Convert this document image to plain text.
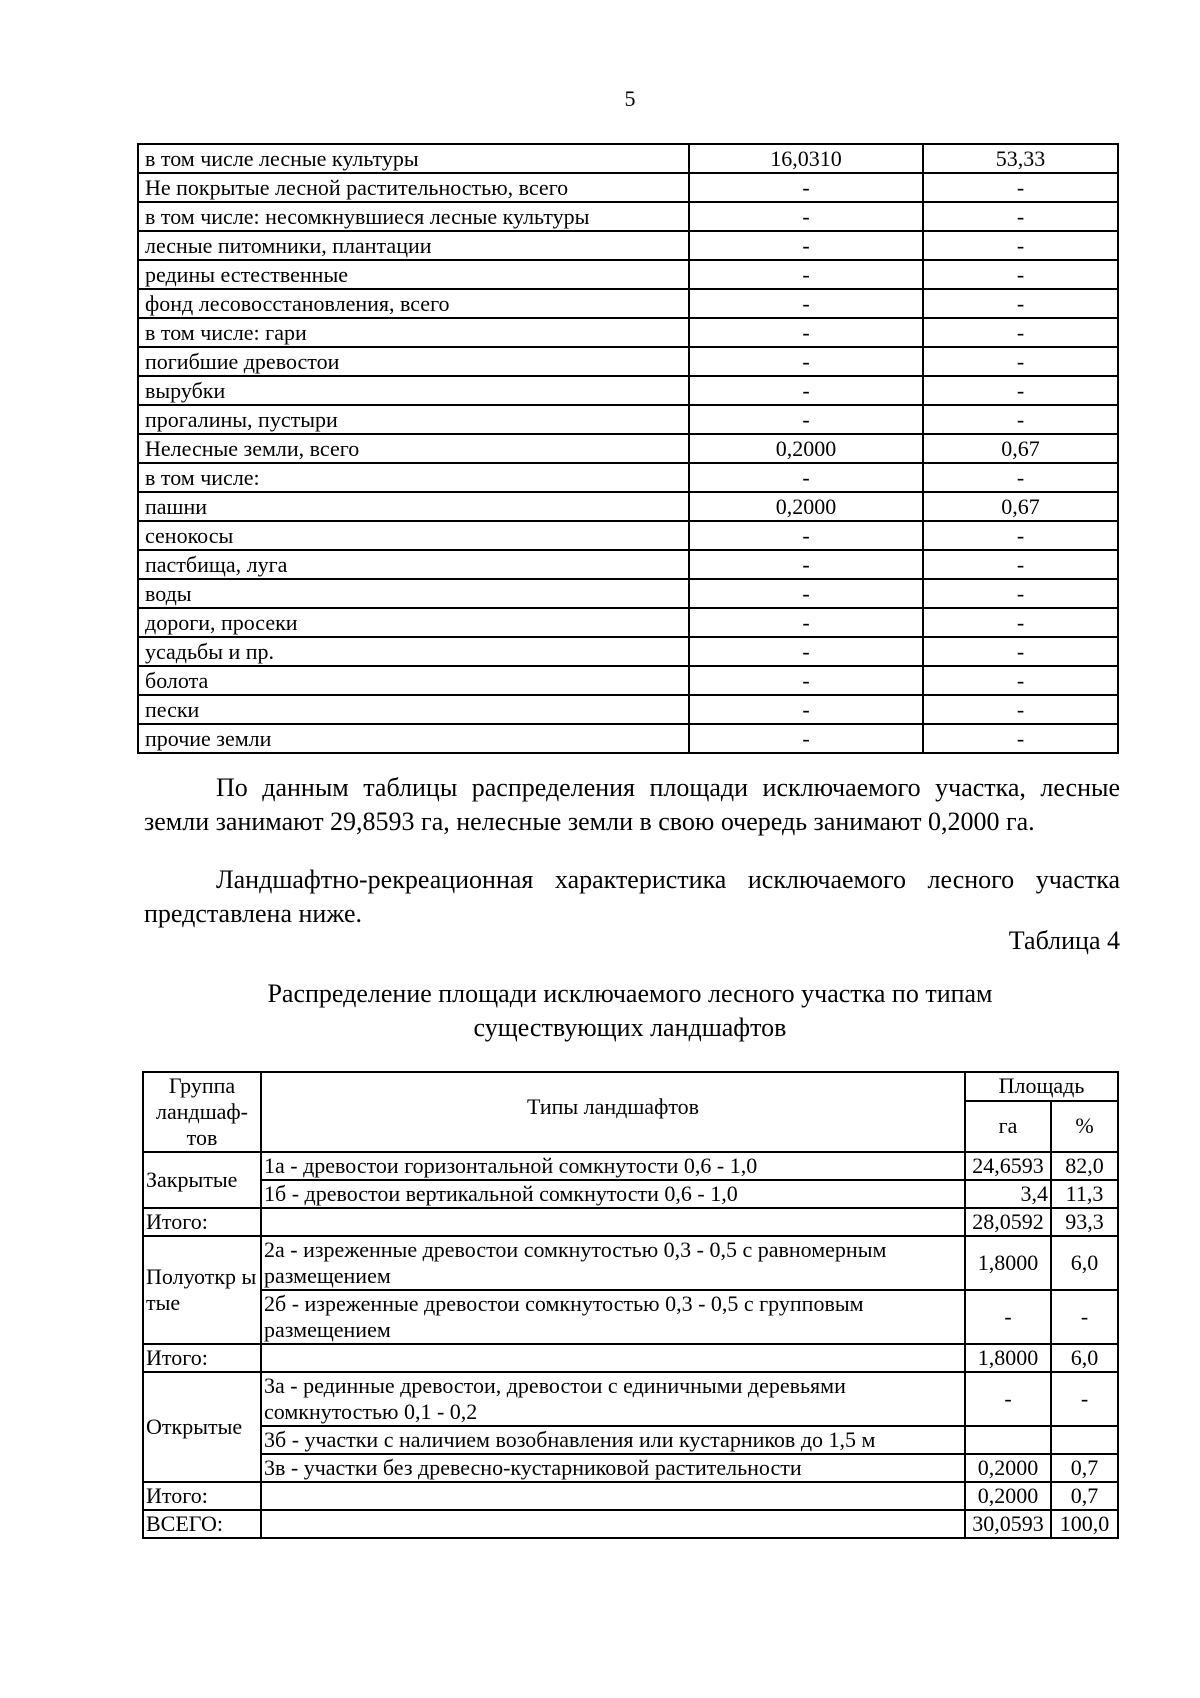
5
в том числе лесные культуры	16,0310	53,33
Не покрытые лесной растительностью, всего	-	-
в том числе: несомкнувшиеся лесные культуры	-	-
лесные питомники, плантации	-	-
редины естественные	-	-
фонд лесовосстановления, всего	-	-
в том числе: гари	-	-
погибшие древостои	-	-
вырубки	-	-
прогалины, пустыри	-	-
Нелесные земли, всего	0,2000	0,67
в том числе:	-	-
пашни	0,2000	0,67
сенокосы	-	-
пастбища, луга	-	-
воды	-	-
дороги, просеки	-	-
усадьбы и пр.	-	-
болота	-	-
пески	-	-
прочие земли	-	-
По данным таблицы распределения площади исключаемого участка, лесные земли занимают 29,8593 га, нелесные земли в свою очередь занимают 0,2000 га.
Ландшафтно-рекреационная характеристика исключаемого лесного участка представлена ниже.
Таблица 4
Распределение площади исключаемого лесного участка по типам существующих ландшафтов
Группа ландшаф-тов	Типы ландшафтов	Площадь	
		га	%
Закрытые	1а - древостои горизонтальной сомкнутости 0,6 - 1,0	24,6593	82,0
	1б - древостои вертикальной сомкнутости 0,6 - 1,0	3,4	11,3
Итого:		28,0592	93,3
Полуоткр ытые	2а - изреженные древостои сомкнутостью 0,3 - 0,5 с равномерным размещением	1,8000	6,0
	2б - изреженные древостои сомкнутостью 0,3 - 0,5 с групповым размещением	-	-
Итого:		1,8000	6,0
Открытые	3а - рединные древостои, древостои с единичными деревьями сомкнутостью 0,1 - 0,2	-	-
	3б - участки с наличием возобнавления или кустарников до 1,5 м		
	3в - участки без древесно-кустарниковой растительности	0,2000	0,7
Итого:		0,2000	0,7
ВСЕГО:		30,0593	100,0
